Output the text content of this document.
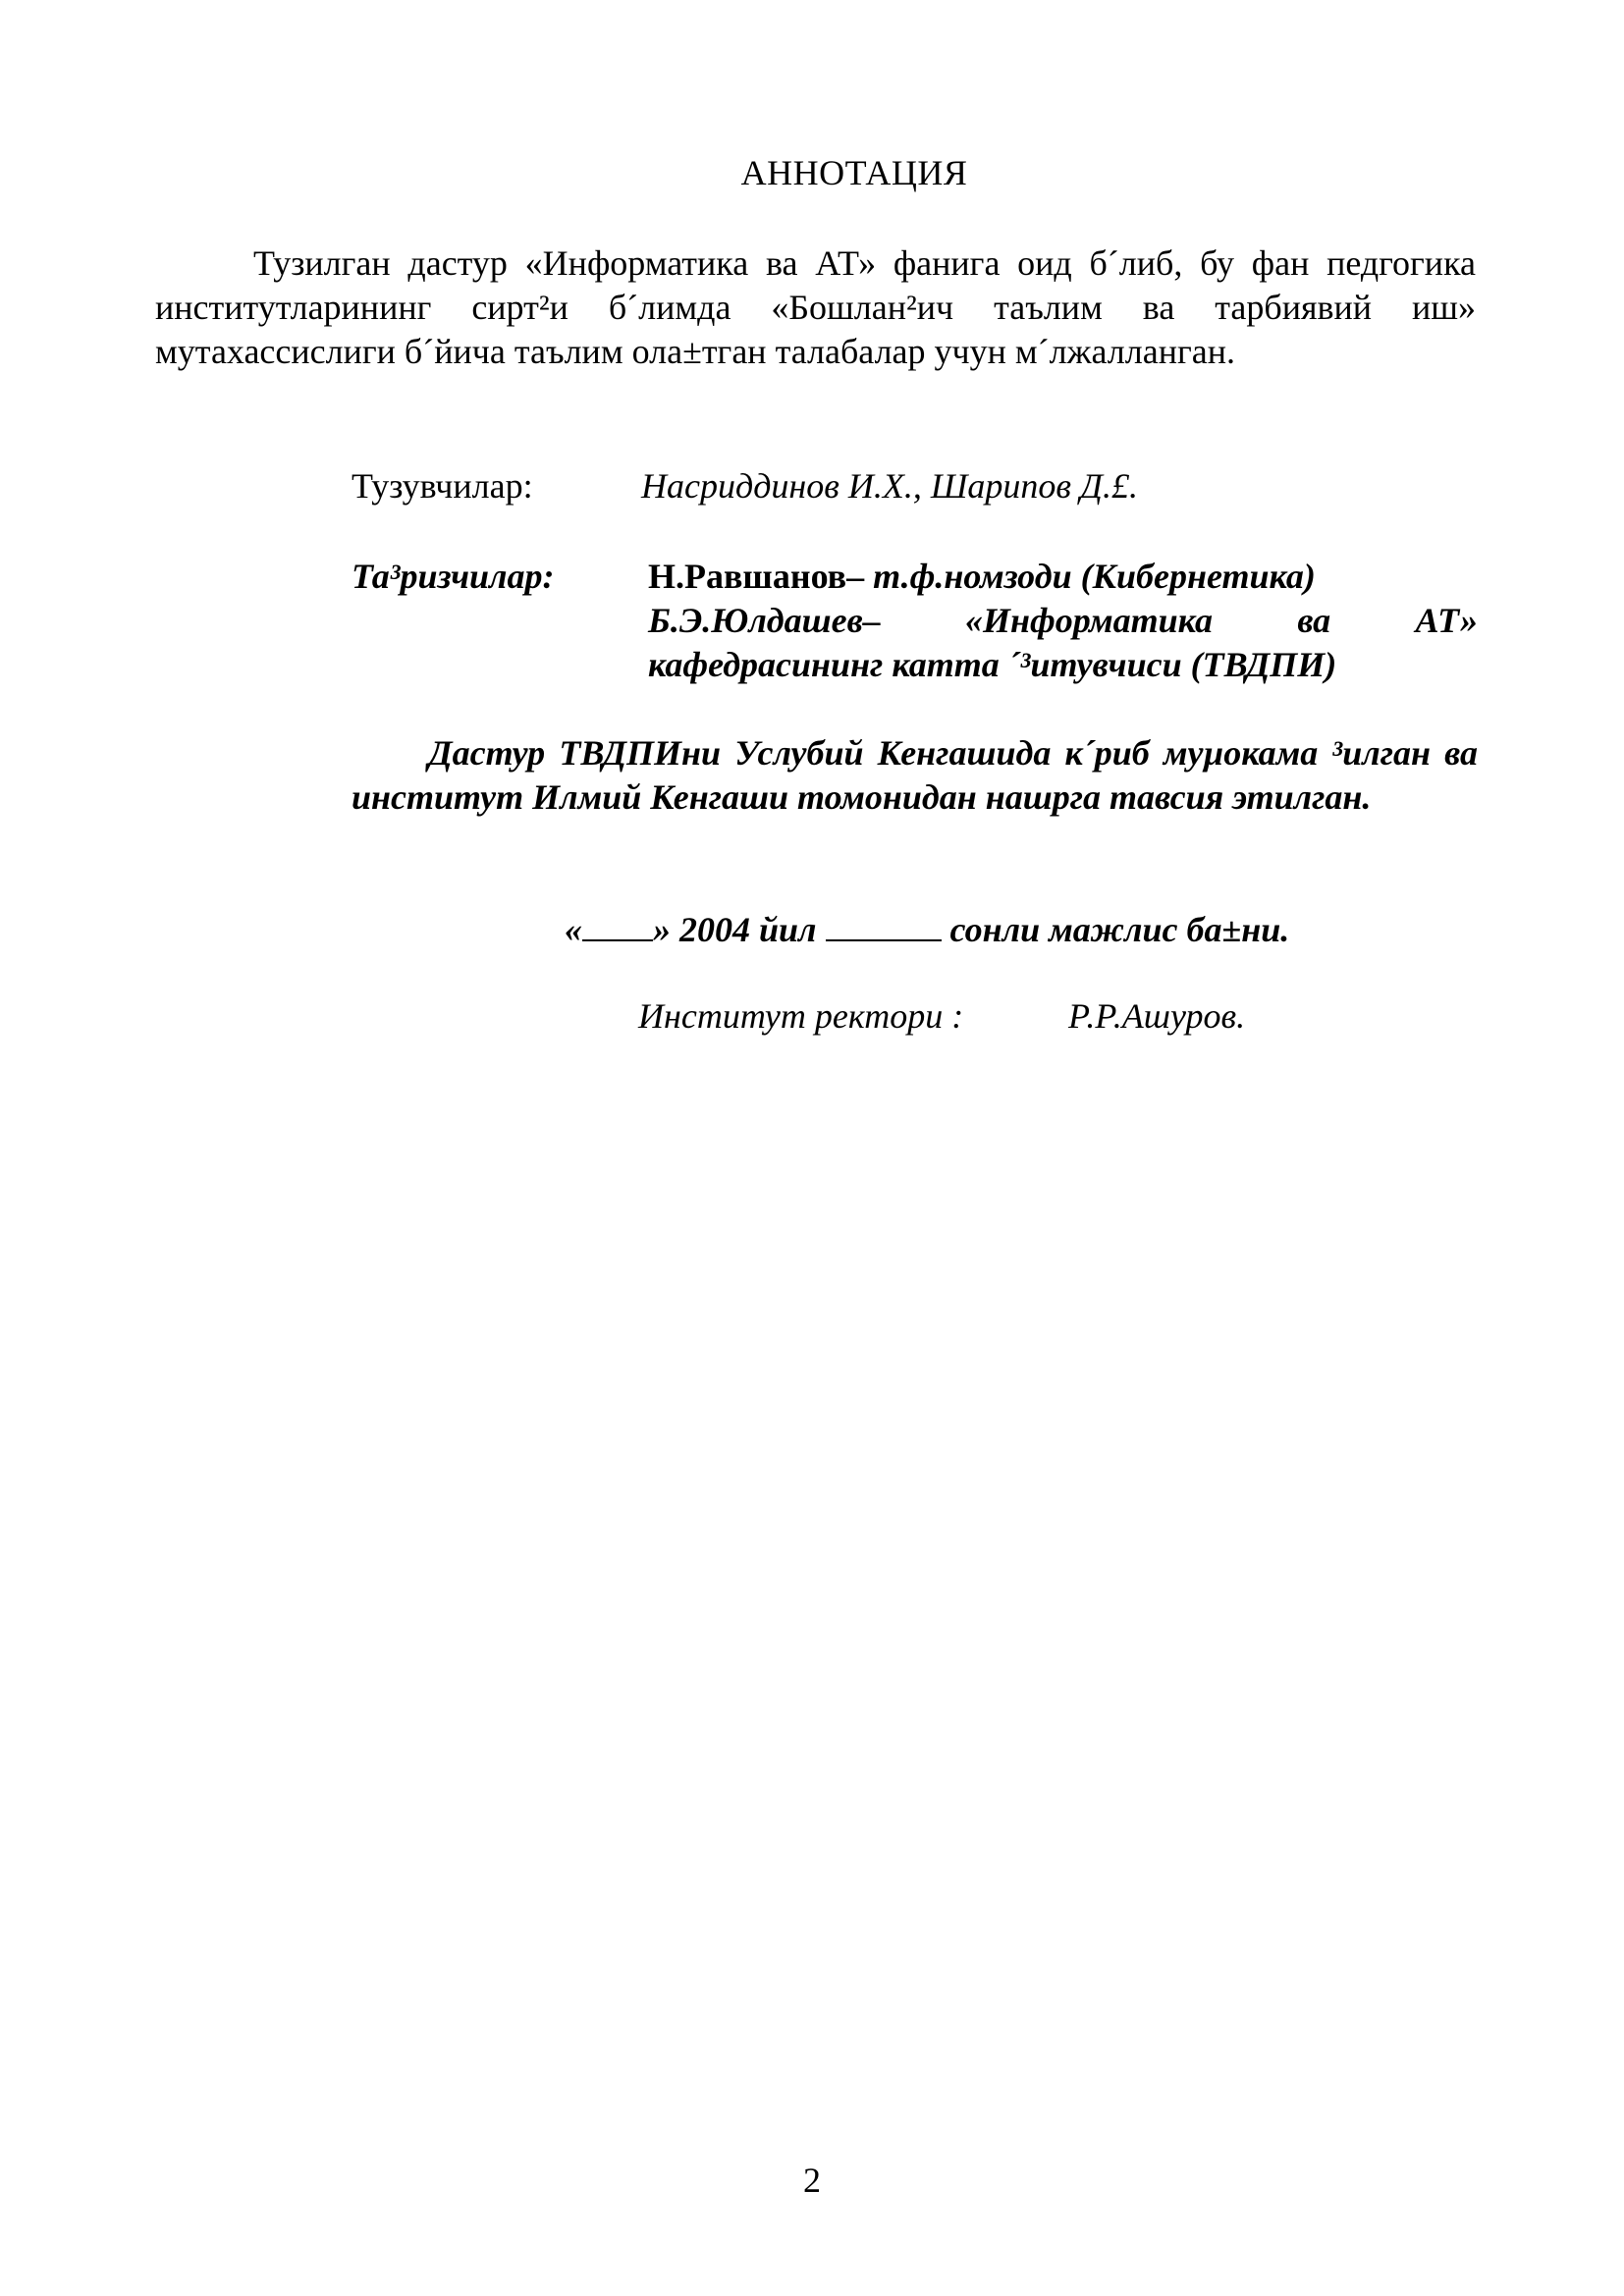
АННОТАЦИЯ

Тузилган дастур «Информатика ва АТ» фанига оид б´либ, бу фан педгогика институтларининг сирт²и б´лимда «Бошлан²ич таълим ва тарбиявий иш» мутахассислиги б´йича таълим ола±тган талабалар учун м´лжалланган.

Тузувчилар:	Насриддинов И.Х., Шарипов Д.£.
Та³ризчилар:	Н.Равшанов– т.ф.номзоди (Кибернетика)
Б.Э.Юлдашев– «Информатика ва АТ»
кафедрасининг катта ´³итувчиси (ТВДПИ)

Дастур ТВДПИни Услубий Кенгашида к´риб муµокама ³илган ва институт Илмий Кенгаши томонидан нашрга тавсия этилган.

« » 2004 йил	сонли мажлис ба±ни.
Институт ректори :	Р.Р.Ашуров.
2
